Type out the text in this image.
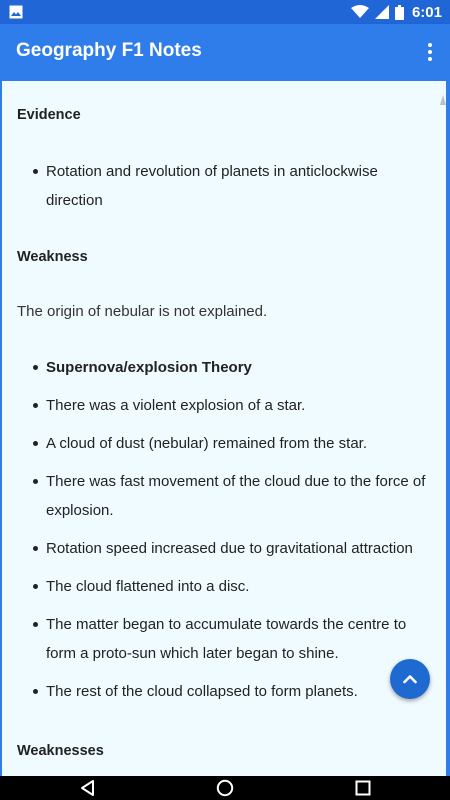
6:01
Geography F1 Notes
Evidence
Rotation and revolution of planets in anticlockwise direction
Weakness
The origin of nebular is not explained.
Supernova/explosion Theory
There was a violent explosion of a star.
A cloud of dust (nebular) remained from the star.
There was fast movement of the cloud due to the force of explosion.
Rotation speed increased due to gravitational attraction
The cloud flattened into a disc.
The matter began to accumulate towards the centre to form a proto-sun which later began to shine.
The rest of the cloud collapsed to form planets.
Weaknesses
